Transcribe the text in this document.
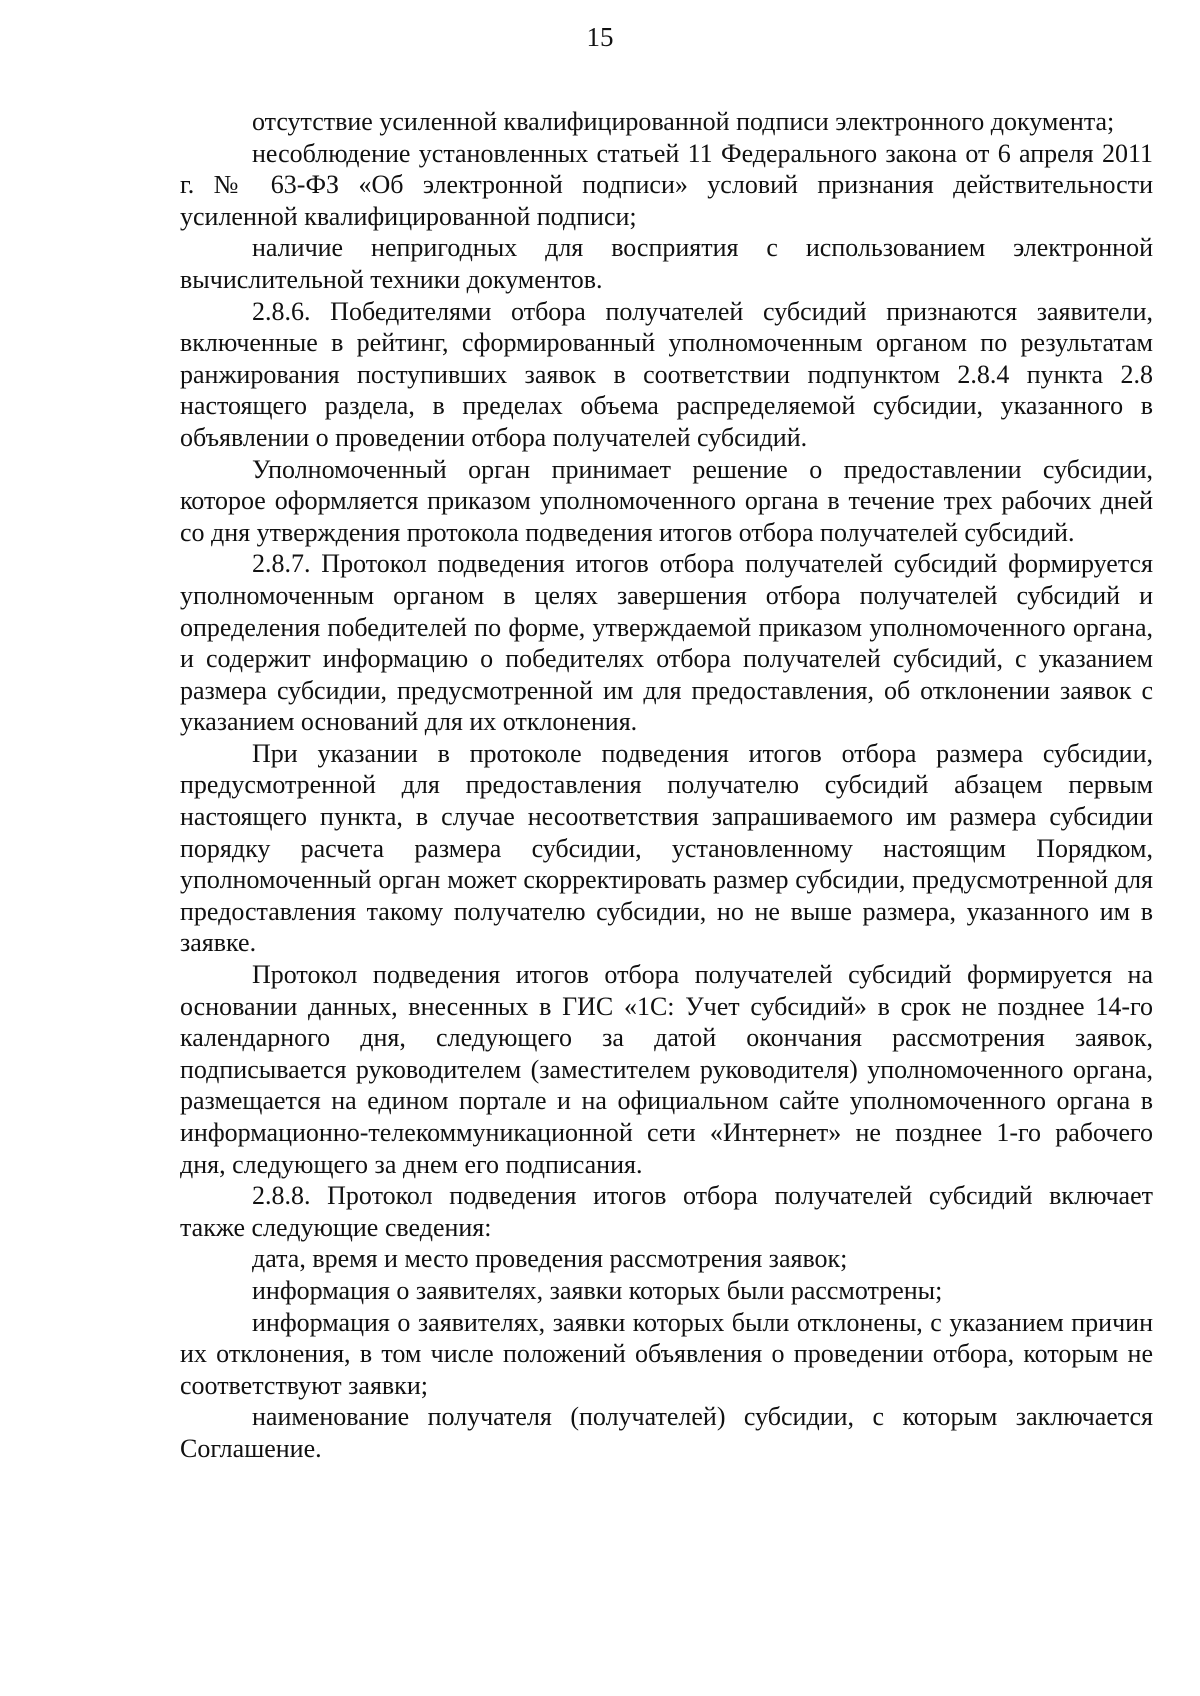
15

отсутствие усиленной квалифицированной подписи электронного документа;

несоблюдение установленных статьей 11 Федерального закона от 6 апреля 2011 г. № 63-ФЗ «Об электронной подписи» условий признания действительности усиленной квалифицированной подписи;

наличие непригодных для восприятия с использованием электронной вычислительной техники документов.

2.8.6. Победителями отбора получателей субсидий признаются заявители, включенные в рейтинг, сформированный уполномоченным органом по результатам ранжирования поступивших заявок в соответствии подпунктом 2.8.4 пункта 2.8 настоящего раздела, в пределах объема распределяемой субсидии, указанного в объявлении о проведении отбора получателей субсидий.

Уполномоченный орган принимает решение о предоставлении субсидии, которое оформляется приказом уполномоченного органа в течение трех рабочих дней со дня утверждения протокола подведения итогов отбора получателей субсидий.

2.8.7. Протокол подведения итогов отбора получателей субсидий формируется уполномоченным органом в целях завершения отбора получателей субсидий и определения победителей по форме, утверждаемой приказом уполномоченного органа, и содержит информацию о победителях отбора получателей субсидий, с указанием размера субсидии, предусмотренной им для предоставления, об отклонении заявок с указанием оснований для их отклонения.

При указании в протоколе подведения итогов отбора размера субсидии, предусмотренной для предоставления получателю субсидий абзацем первым настоящего пункта, в случае несоответствия запрашиваемого им размера субсидии порядку расчета размера субсидии, установленному настоящим Порядком, уполномоченный орган может скорректировать размер субсидии, предусмотренной для предоставления такому получателю субсидии, но не выше размера, указанного им в заявке.

Протокол подведения итогов отбора получателей субсидий формируется на основании данных, внесенных в ГИС «1С: Учет субсидий» в срок не позднее 14-го календарного дня, следующего за датой окончания рассмотрения заявок, подписывается руководителем (заместителем руководителя) уполномоченного органа, размещается на едином портале и на официальном сайте уполномоченного органа в информационно-телекоммуникационной сети «Интернет» не позднее 1-го рабочего дня, следующего за днем его подписания.

2.8.8. Протокол подведения итогов отбора получателей субсидий включает также следующие сведения:

дата, время и место проведения рассмотрения заявок;

информация о заявителях, заявки которых были рассмотрены;

информация о заявителях, заявки которых были отклонены, с указанием причин их отклонения, в том числе положений объявления о проведении отбора, которым не соответствуют заявки;

наименование получателя (получателей) субсидии, с которым заключается Соглашение.
